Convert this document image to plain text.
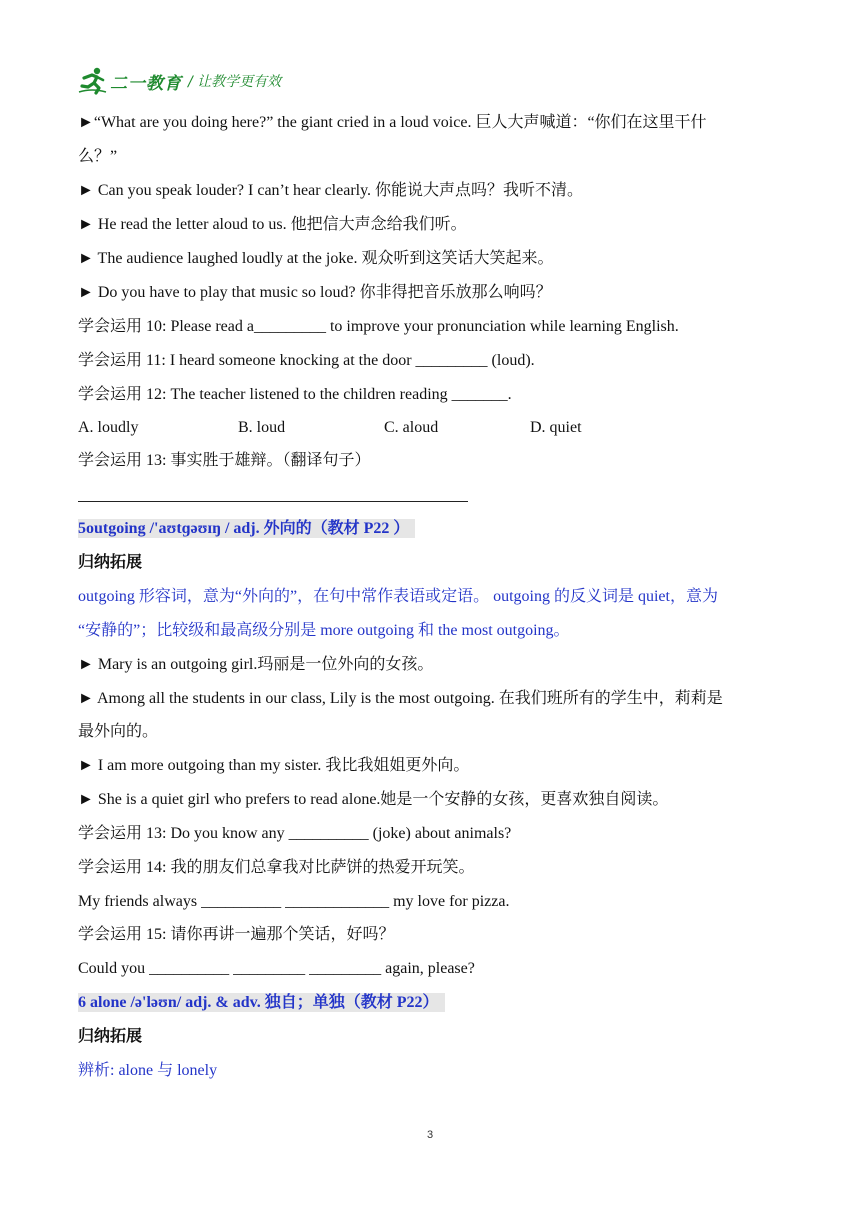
二一教育 / 让教学更有效
►“What are you doing here?” the giant cried in a loud voice. 巨人大声喊道：“你们在这里干什
么？”
► Can you speak louder? I can’t hear clearly. 你能说大声点吗？我听不清。
► He read the letter aloud to us. 他把信大声念给我们听。
► The audience laughed loudly at the joke. 观众听到这笑话大笑起来。
► Do you have to play that music so loud? 你非得把音乐放那么响吗？
学会运用 10: Please read a_________ to improve your pronunciation while learning English.
学会运用 11: I heard someone knocking at the door _________ (loud).
学会运用 12: The teacher listened to the children reading _______.
A. loudly	B. loud	C. aloud	D. quiet
学会运用 13: 事实胜于雄辩。（翻译句子）
5outgoing /'aʊtɡəʊɪŋ / adj. 外向的（教材 P22 ）
归纳拓展
outgoing 形容词，意为“外向的”，在句中常作表语或定语。 outgoing 的反义词是 quiet，意为
“安静的”；比较级和最高级分别是 more outgoing 和 the most outgoing。
► Mary is an outgoing girl.玛丽是一位外向的女孩。
► Among all the students in our class, Lily is the most outgoing. 在我们班所有的学生中，莉莉是
最外向的。
► I am more outgoing than my sister. 我比我姐姐更外向。
► She is a quiet girl who prefers to read alone.她是一个安静的女孩，更喜欢独自阅读。
学会运用 13: Do you know any __________ (joke) about animals?
学会运用 14: 我的朋友们总拿我对比萨饼的热爱开玩笑。
My friends always __________ _____________ my love for pizza.
学会运用 15: 请你再讲一遍那个笑话，好吗？
Could you __________ _________ _________ again, please?
6 alone /ə'ləʊn/ adj. & adv. 独自；单独（教材 P22）
归纳拓展
辨析: alone 与 lonely
3
